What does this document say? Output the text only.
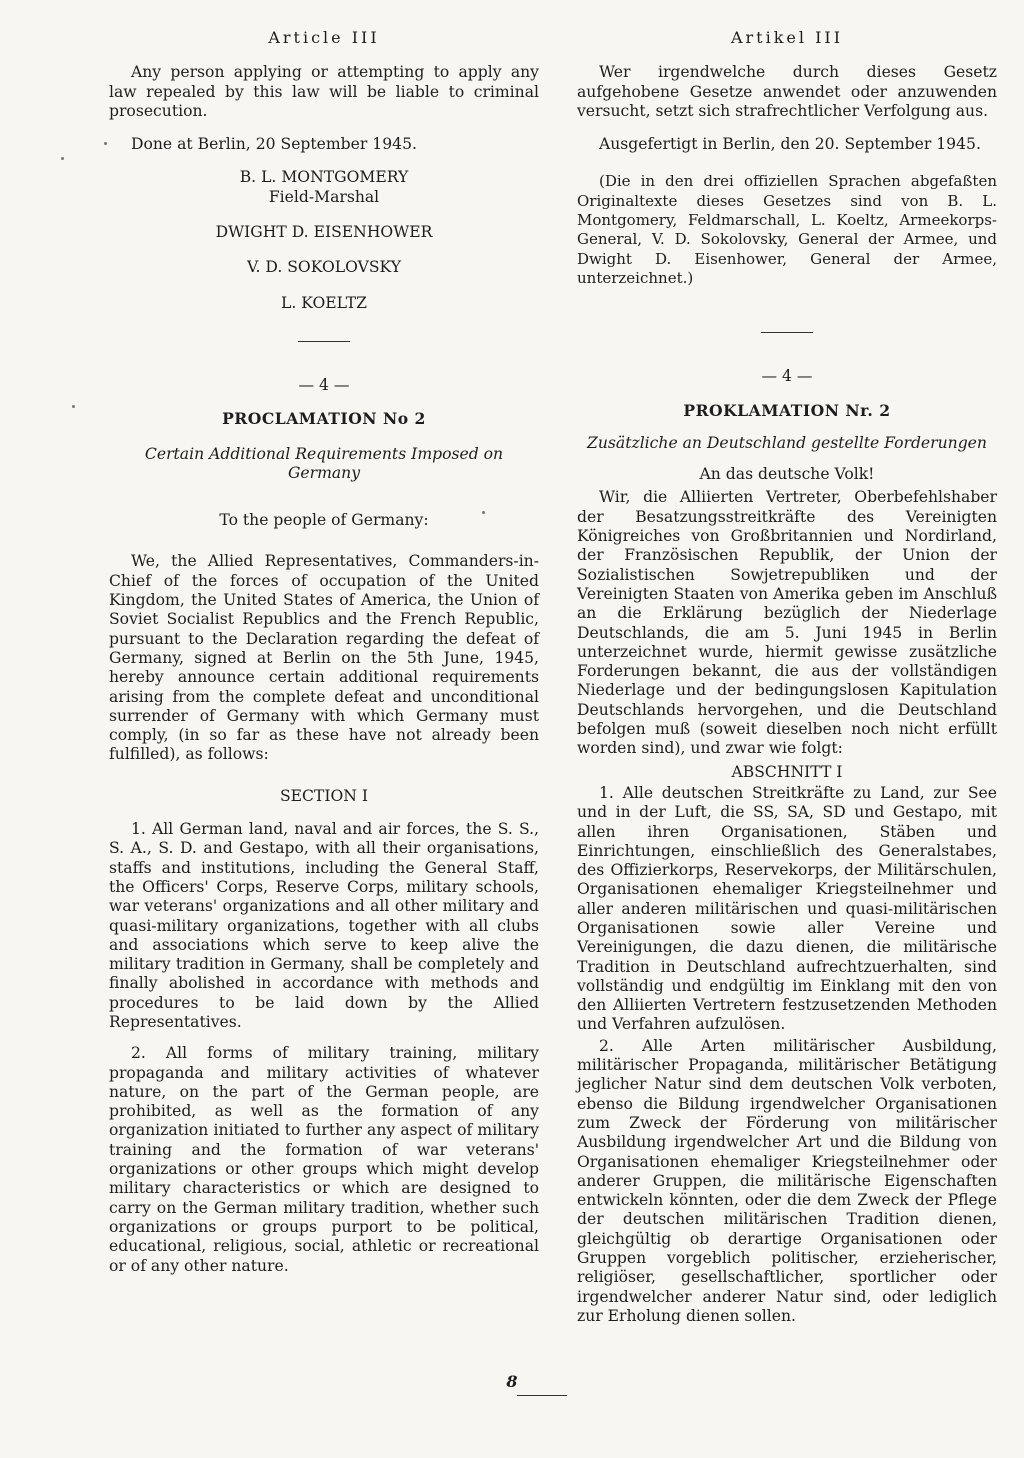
Article III

Any person applying or attempting to apply any law repealed by this law will be liable to criminal prosecution.

Done at Berlin, 20 September 1945.

B. L. MONTGOMERY

Field-Marshal

DWIGHT D. EISENHOWER

V. D. SOKOLOVSKY

L. KOELTZ

— 4 —
PROCLAMATION No 2
Certain Additional Requirements Imposed on Germany
To the people of Germany:

We, the Allied Representatives, Commanders-in-Chief of the forces of occupation of the United Kingdom, the United States of America, the Union of Soviet Socialist Republics and the French Republic, pursuant to the Declaration regarding the defeat of Germany, signed at Berlin on the 5th June, 1945, hereby announce certain additional requirements arising from the complete defeat and unconditional surrender of Germany with which Germany must comply, (in so far as these have not already been fulfilled), as follows:

SECTION I

1. All German land, naval and air forces, the S. S., S. A., S. D. and Gestapo, with all their organisations, staffs and institutions, including the General Staff, the Officers' Corps, Reserve Corps, military schools, war veterans' organizations and all other military and quasi-military organizations, together with all clubs and associations which serve to keep alive the military tradition in Germany, shall be completely and finally abolished in accordance with methods and procedures to be laid down by the Allied Representatives.

2. All forms of military training, military propaganda and military activities of whatever nature, on the part of the German people, are prohibited, as well as the formation of any organization initiated to further any aspect of military training and the formation of war veterans' organizations or other groups which might develop military characteristics or which are designed to carry on the German military tradition, whether such organizations or groups purport to be political, educational, religious, social, athletic or recreational or of any other nature.

Artikel III

Wer irgendwelche durch dieses Gesetz aufgehobene Gesetze anwendet oder anzuwenden versucht, setzt sich strafrechtlicher Verfolgung aus.

Ausgefertigt in Berlin, den 20. September 1945.

(Die in den drei offiziellen Sprachen abgefaßten Originaltexte dieses Gesetzes sind von B. L. Montgomery, Feldmarschall, L. Koeltz, Armeekorps-General, V. D. Sokolovsky, General der Armee, und Dwight D. Eisenhower, General der Armee, unterzeichnet.)

— 4 —
PROKLAMATION Nr. 2
Zusätzliche an Deutschland gestellte Forderungen
An das deutsche Volk!

Wir, die Alliierten Vertreter, Oberbefehlshaber der Besatzungsstreitkräfte des Vereinigten Königreiches von Großbritannien und Nordirland, der Französischen Republik, der Union der Sozialistischen Sowjetrepubliken und der Vereinigten Staaten von Amerika geben im Anschluß an die Erklärung bezüglich der Niederlage Deutschlands, die am 5. Juni 1945 in Berlin unterzeichnet wurde, hiermit gewisse zusätzliche Forderungen bekannt, die aus der vollständigen Niederlage und der bedingungslosen Kapitulation Deutschlands hervorgehen, und die Deutschland befolgen muß (soweit dieselben noch nicht erfüllt worden sind), und zwar wie folgt:

ABSCHNITT I

1. Alle deutschen Streitkräfte zu Land, zur See und in der Luft, die SS, SA, SD und Gestapo, mit allen ihren Organisationen, Stäben und Einrichtungen, einschließlich des Generalstabes, des Offizierkorps, Reservekorps, der Militärschulen, Organisationen ehemaliger Kriegsteilnehmer und aller anderen militärischen und quasi-militärischen Organisationen sowie aller Vereine und Vereinigungen, die dazu dienen, die militärische Tradition in Deutschland aufrechtzuerhalten, sind vollständig und endgültig im Einklang mit den von den Alliierten Vertretern festzusetzenden Methoden und Verfahren aufzulösen.

2. Alle Arten militärischer Ausbildung, militärischer Propaganda, militärischer Betätigung jeglicher Natur sind dem deutschen Volk verboten, ebenso die Bildung irgendwelcher Organisationen zum Zweck der Förderung von militärischer Ausbildung irgendwelcher Art und die Bildung von Organisationen ehemaliger Kriegsteilnehmer oder anderer Gruppen, die militärische Eigenschaften entwickeln könnten, oder die dem Zweck der Pflege der deutschen militärischen Tradition dienen, gleichgültig ob derartige Organisationen oder Gruppen vorgeblich politischer, erzieherischer, religiöser, gesellschaftlicher, sportlicher oder irgendwelcher anderer Natur sind, oder lediglich zur Erholung dienen sollen.

8
